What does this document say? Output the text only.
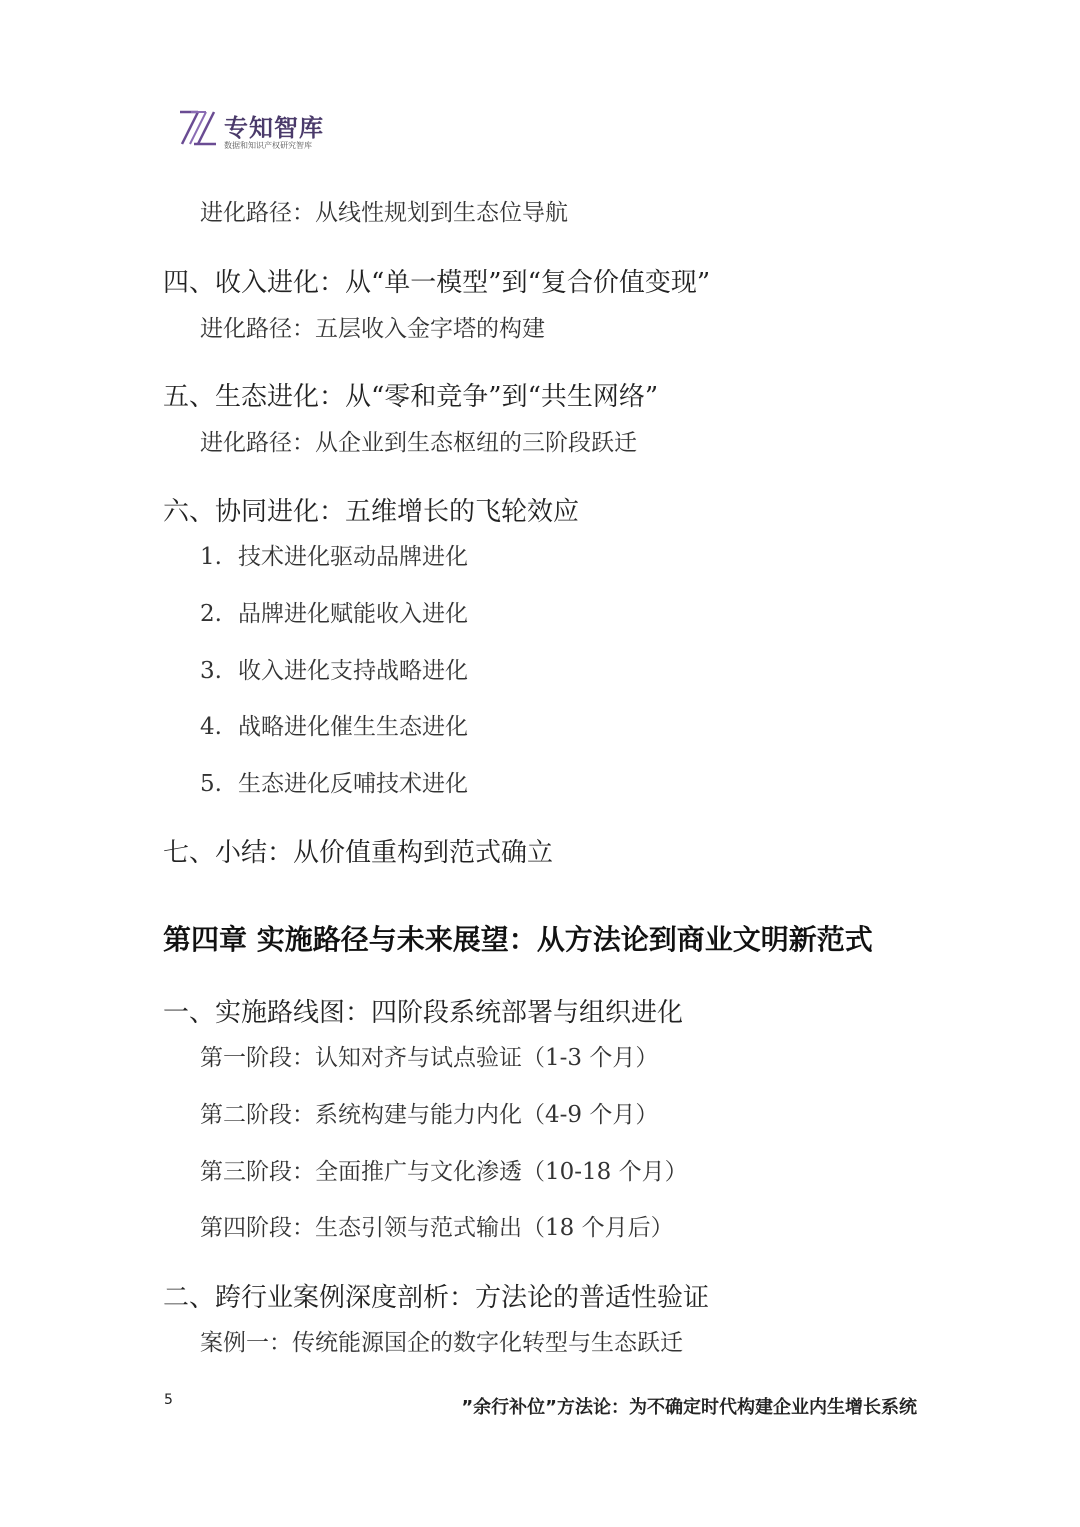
专知智库
数据和知识产权研究智库
进化路径：从线性规划到生态位导航
四、收入进化：从“单一模型”到“复合价值变现”
进化路径：五层收入金字塔的构建
五、生态进化：从“零和竞争”到“共生网络”
进化路径：从企业到生态枢纽的三阶段跃迁
六、协同进化：五维增长的飞轮效应
1. 技术进化驱动品牌进化
2. 品牌进化赋能收入进化
3. 收入进化支持战略进化
4. 战略进化催生生态进化
5. 生态进化反哺技术进化
七、小结：从价值重构到范式确立
第四章 实施路径与未来展望：从方法论到商业文明新范式
一、实施路线图：四阶段系统部署与组织进化
第一阶段：认知对齐与试点验证（1-3 个月）
第二阶段：系统构建与能力内化（4-9 个月）
第三阶段：全面推广与文化渗透（10-18 个月）
第四阶段：生态引领与范式输出（18 个月后）
二、跨行业案例深度剖析：方法论的普适性验证
案例一：传统能源国企的数字化转型与生态跃迁
5	”余行补位”方法论：为不确定时代构建企业内生增长系统
